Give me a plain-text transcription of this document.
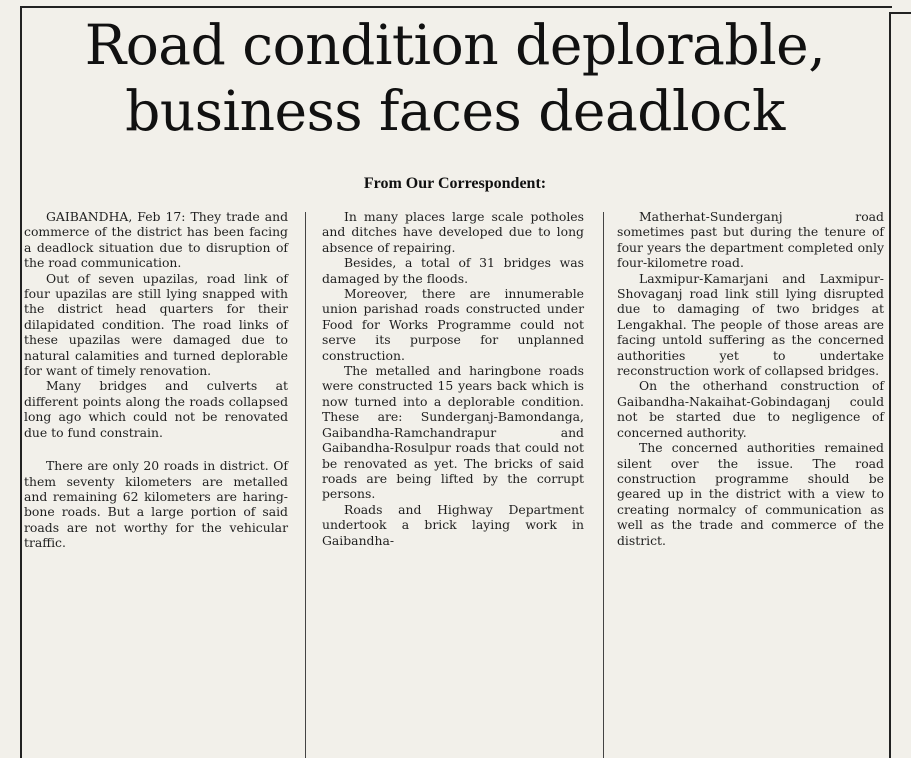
Road condition deplorable,
business faces deadlock
From Our Correspondent:

GAIBANDHA, Feb 17: They trade and commerce of the district has been facing a deadlock situation due to disruption of the road communication.

Out of seven upazilas, road link of four upazilas are still lying snapped with the district head quarters for their dilapidated condition. The road links of these upazilas were damaged due to natural calamities and turned deplorable for want of timely renovation.

Many bridges and culverts at different points along the roads collapsed long ago which could not be renovated due to fund constrain.

There are only 20 roads in district. Of them seventy kilometers are metalled and remaining 62 kilometers are haring-bone roads. But a large portion of said roads are not worthy for the vehicular traffic.

In many places large scale potholes and ditches have developed due to long absence of repairing.

Besides, a total of 31 bridges was damaged by the floods.

Moreover, there are innumerable union parishad roads constructed under Food for Works Programme could not serve its purpose for unplanned construction.

The metalled and haringbone roads were constructed 15 years back which is now turned into a deplorable condition. These are: Sunderganj-Bamondanga, Gaibandha-Ramchandrapur and Gaibandha-Rosulpur roads that could not be renovated as yet. The bricks of said roads are being lifted by the corrupt persons.

Roads and Highway Department undertook a brick laying work in Gaibandha-

Matherhat-Sunderganj road sometimes past but during the tenure of four years the department completed only four-kilometre road.

Laxmipur-Kamarjani and Laxmipur-Shovaganj road link still lying disrupted due to damaging of two bridges at Lengakhal. The people of those areas are facing untold suffering as the concerned authorities yet to undertake reconstruction work of collapsed bridges.

On the otherhand construction of Gaibandha-Nakaihat-Gobindaganj could not be started due to negligence of concerned authority.

The concerned authorities remained silent over the issue. The road construction programme should be geared up in the district with a view to creating normalcy of communication as well as the trade and commerce of the district.
